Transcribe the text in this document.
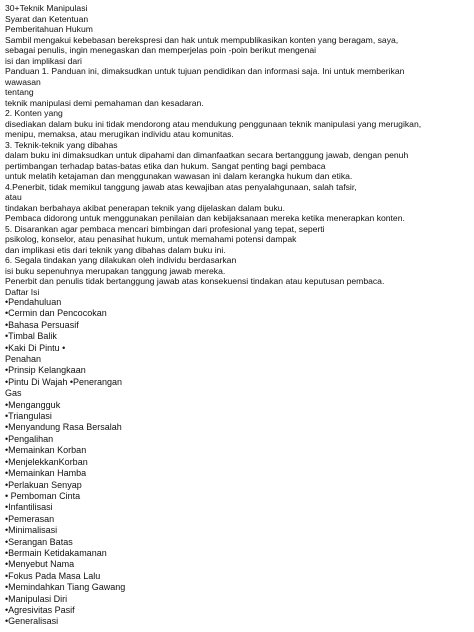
30+Teknik Manipulasi
Syarat dan Ketentuan
Pemberitahuan Hukum
Sambil mengakui kebebasan berekspresi dan hak untuk mempublikasikan konten yang beragam, saya,
sebagai penulis, ingin menegaskan dan memperjelas poin -poin berikut mengenai
isi dan implikasi dari
Panduan 1. Panduan ini, dimaksudkan untuk tujuan pendidikan dan informasi saja. Ini untuk memberikan
wawasan
tentang
teknik manipulasi demi pemahaman dan kesadaran.
2. Konten yang
disediakan dalam buku ini tidak mendorong atau mendukung penggunaan teknik manipulasi yang merugikan,
menipu, memaksa, atau merugikan individu atau komunitas.
3. Teknik-teknik yang dibahas
dalam buku ini dimaksudkan untuk dipahami dan dimanfaatkan secara bertanggung jawab, dengan penuh
pertimbangan terhadap batas-batas etika dan hukum. Sangat penting bagi pembaca
untuk melatih ketajaman dan menggunakan wawasan ini dalam kerangka hukum dan etika.
4.Penerbit, tidak memikul tanggung jawab atas kewajiban atas penyalahgunaan, salah tafsir,
atau
tindakan berbahaya akibat penerapan teknik yang dijelaskan dalam buku.
Pembaca didorong untuk menggunakan penilaian dan kebijaksanaan mereka ketika menerapkan konten.
5. Disarankan agar pembaca mencari bimbingan dari profesional yang tepat, seperti
psikolog, konselor, atau penasihat hukum, untuk memahami potensi dampak
dan implikasi etis dari teknik yang dibahas dalam buku ini.
6. Segala tindakan yang dilakukan oleh individu berdasarkan
isi buku sepenuhnya merupakan tanggung jawab mereka.
Penerbit dan penulis tidak bertanggung jawab atas konsekuensi tindakan atau keputusan pembaca.
Daftar Isi
•Pendahuluan
•Cermin dan Pencocokan
•Bahasa Persuasif
•Timbal Balik
•Kaki Di Pintu •
Penahan
•Prinsip Kelangkaan
•Pintu Di Wajah •Penerangan
Gas
•Mengangguk
•Triangulasi
•Menyandung Rasa Bersalah
•Pengalihan
•Memainkan Korban
•MenjelekkanKorban
•Memainkan Hamba
•Perlakuan Senyap
• Pemboman Cinta
•Infantilisasi
•Pemerasan
•Minimalisasi
•Serangan Batas
•Bermain Ketidakamanan
•Menyebut Nama
•Fokus Pada Masa Lalu
•Memindahkan Tiang Gawang
•Manipulasi Diri
•Agresivitas Pasif
•Generalisasi
